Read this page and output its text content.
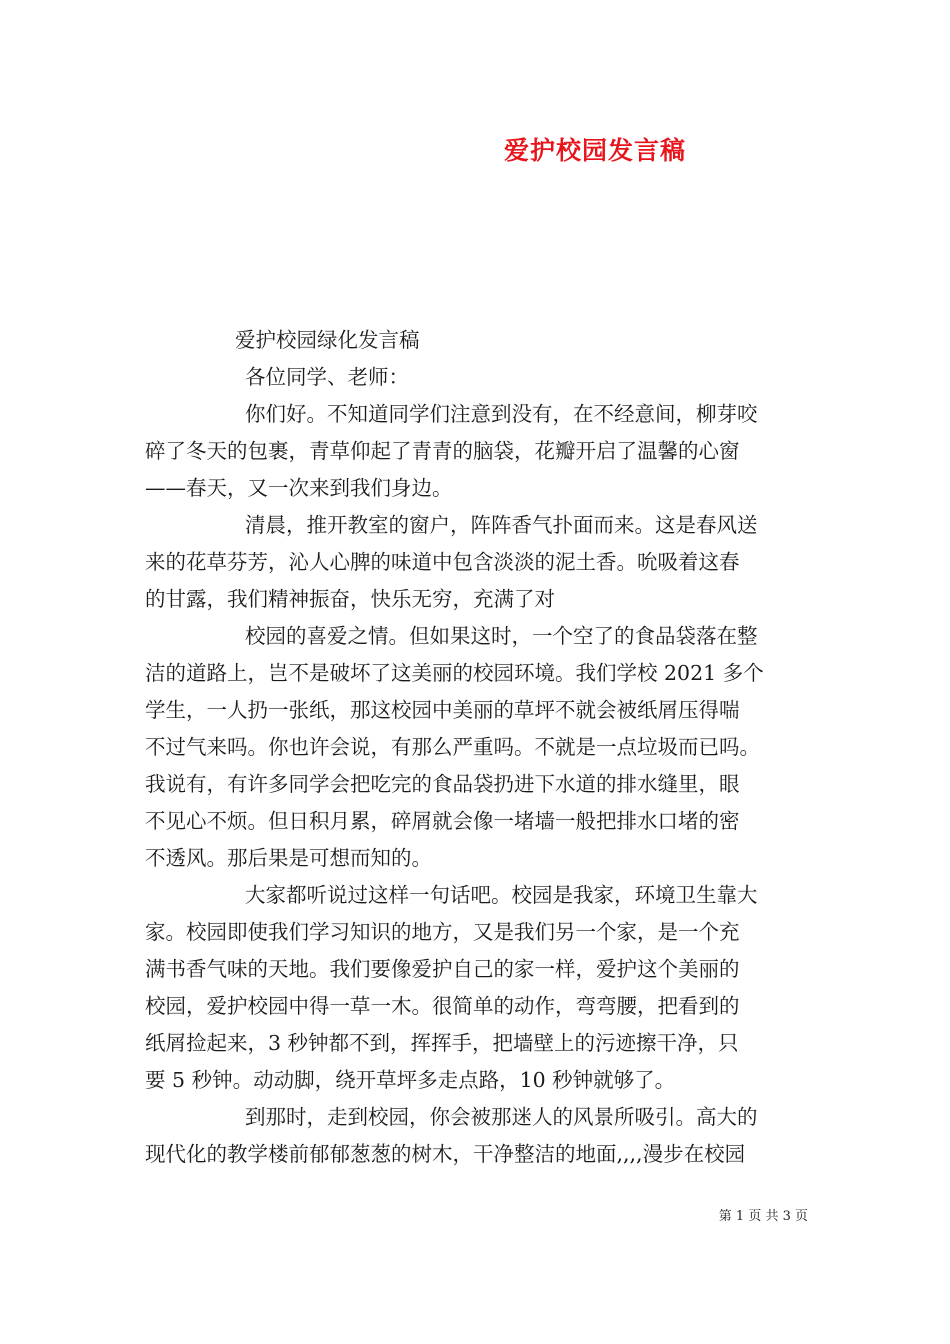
爱护校园发言稿
爱护校园绿化发言稿
各位同学、老师：
你们好。不知道同学们注意到没有，在不经意间，柳芽咬
碎了冬天的包裹，青草仰起了青青的脑袋，花瓣开启了温馨的心窗
——春天，又一次来到我们身边。
清晨，推开教室的窗户，阵阵香气扑面而来。这是春风送
来的花草芬芳，沁人心脾的味道中包含淡淡的泥土香。吮吸着这春
的甘露，我们精神振奋，快乐无穷，充满了对
校园的喜爱之情。但如果这时，一个空了的食品袋落在整
洁的道路上，岂不是破坏了这美丽的校园环境。我们学校 2021 多个
学生，一人扔一张纸，那这校园中美丽的草坪不就会被纸屑压得喘
不过气来吗。你也许会说，有那么严重吗。不就是一点垃圾而已吗。
我说有，有许多同学会把吃完的食品袋扔进下水道的排水缝里，眼
不见心不烦。但日积月累，碎屑就会像一堵墙一般把排水口堵的密
不透风。那后果是可想而知的。
大家都听说过这样一句话吧。校园是我家，环境卫生靠大
家。校园即使我们学习知识的地方，又是我们另一个家，是一个充
满书香气味的天地。我们要像爱护自己的家一样，爱护这个美丽的
校园，爱护校园中得一草一木。很简单的动作，弯弯腰，把看到的
纸屑捡起来，3 秒钟都不到，挥挥手，把墙壁上的污迹擦干净，只
要 5 秒钟。动动脚，绕开草坪多走点路，10 秒钟就够了。
到那时，走到校园，你会被那迷人的风景所吸引。高大的
现代化的教学楼前郁郁葱葱的树木，干净整洁的地面,,,,漫步在校园
第 1 页 共 3 页
